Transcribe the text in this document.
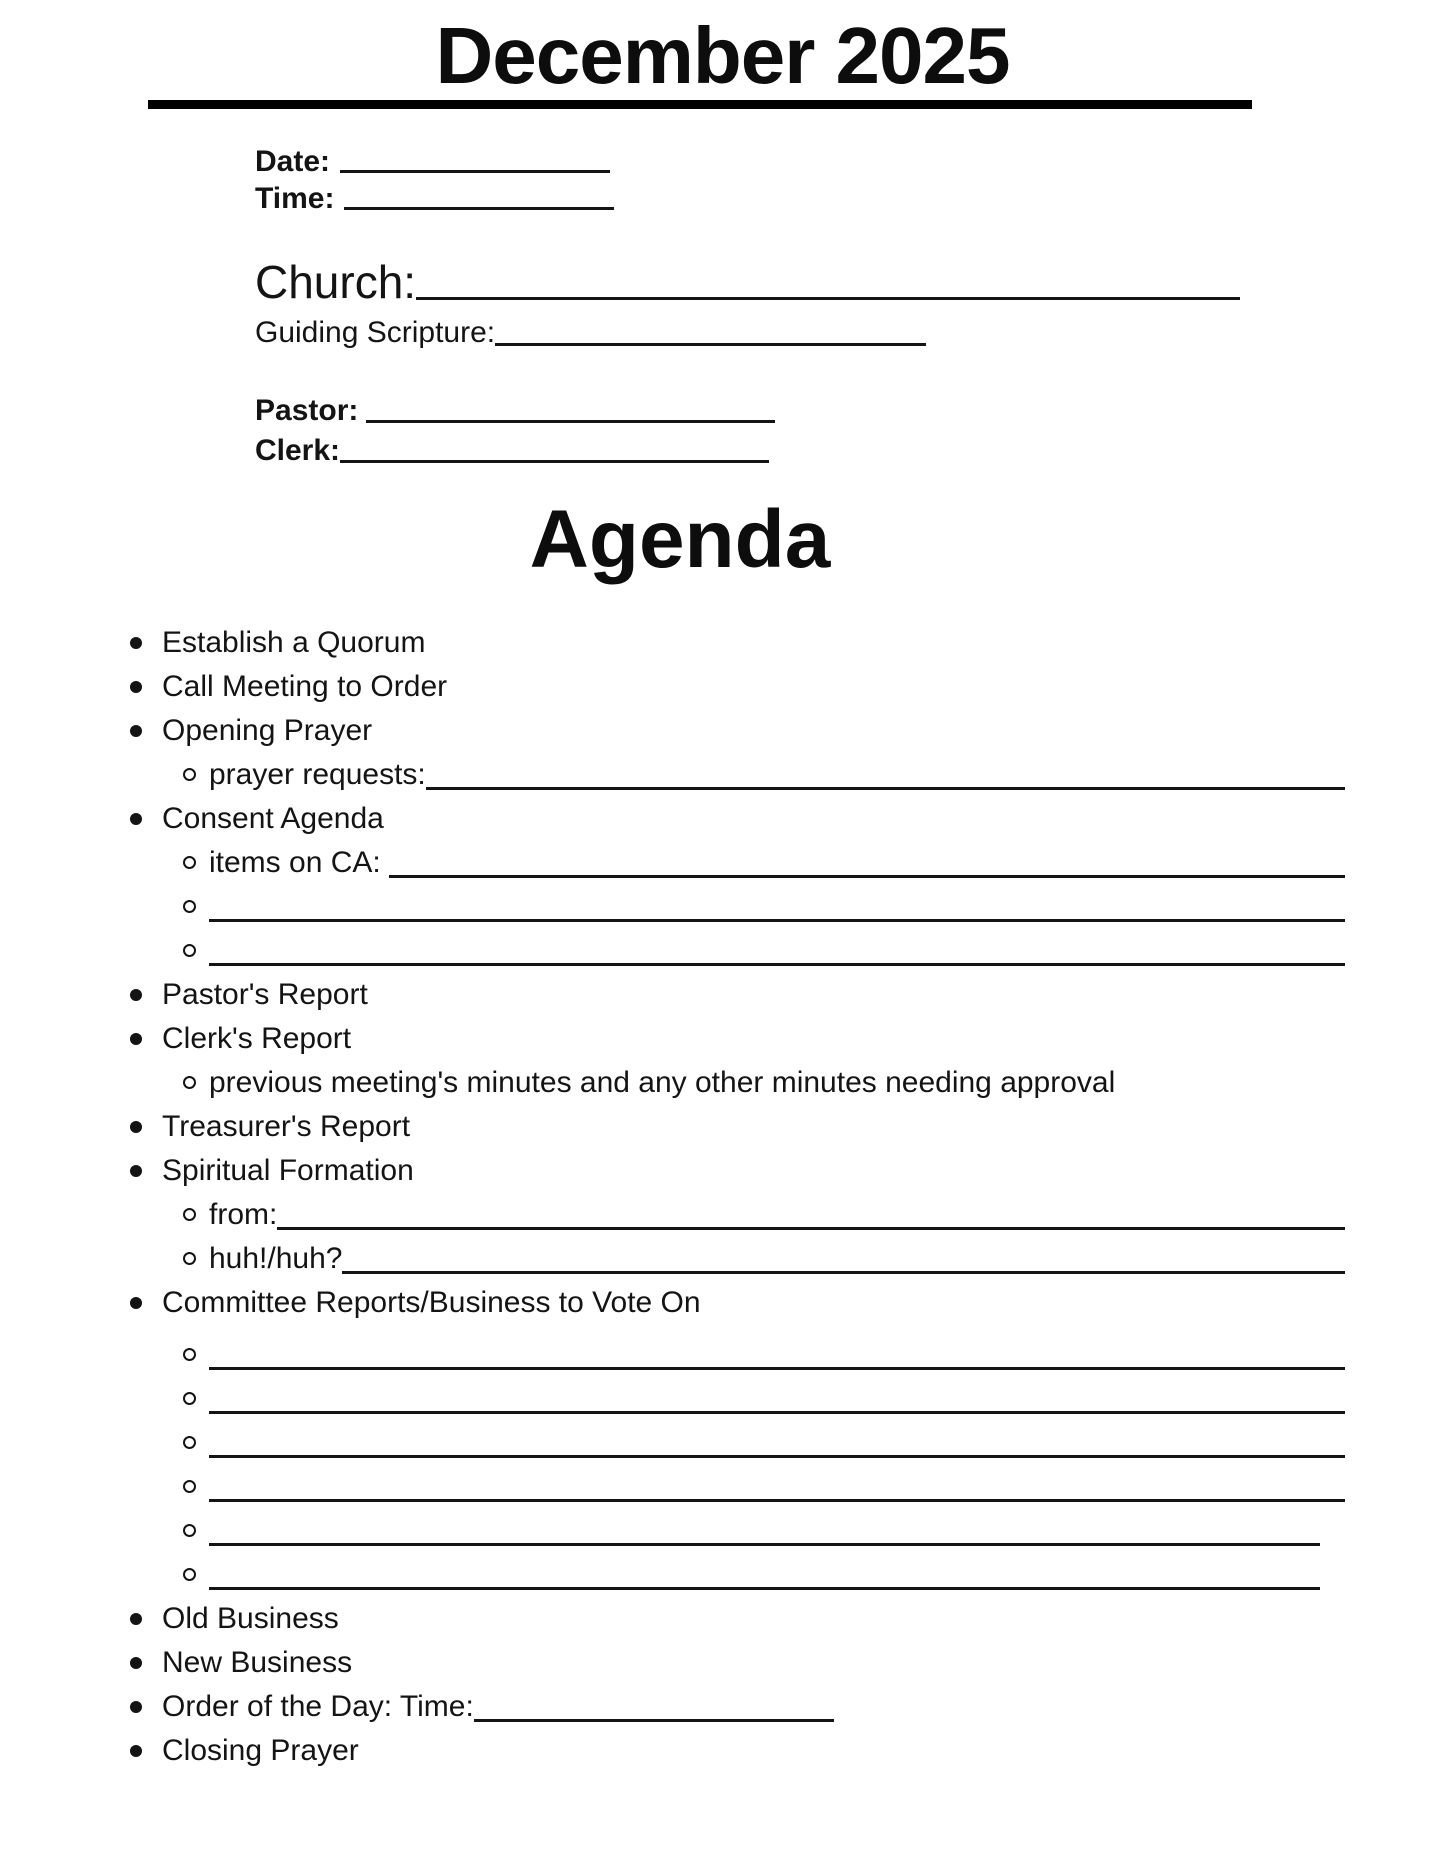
December 2025
Date:
Time:
Church:
Guiding Scripture:
Pastor:
Clerk:
Agenda
Establish a Quorum
Call Meeting to Order
Opening Prayer
prayer requests:
Consent Agenda
items on CA:
Pastor's Report
Clerk's Report
previous meeting's minutes and any other minutes needing approval
Treasurer's Report
Spiritual Formation
from:
huh!/huh?
Committee Reports/Business to Vote On
Old Business
New Business
Order of the Day: Time:
Closing Prayer
